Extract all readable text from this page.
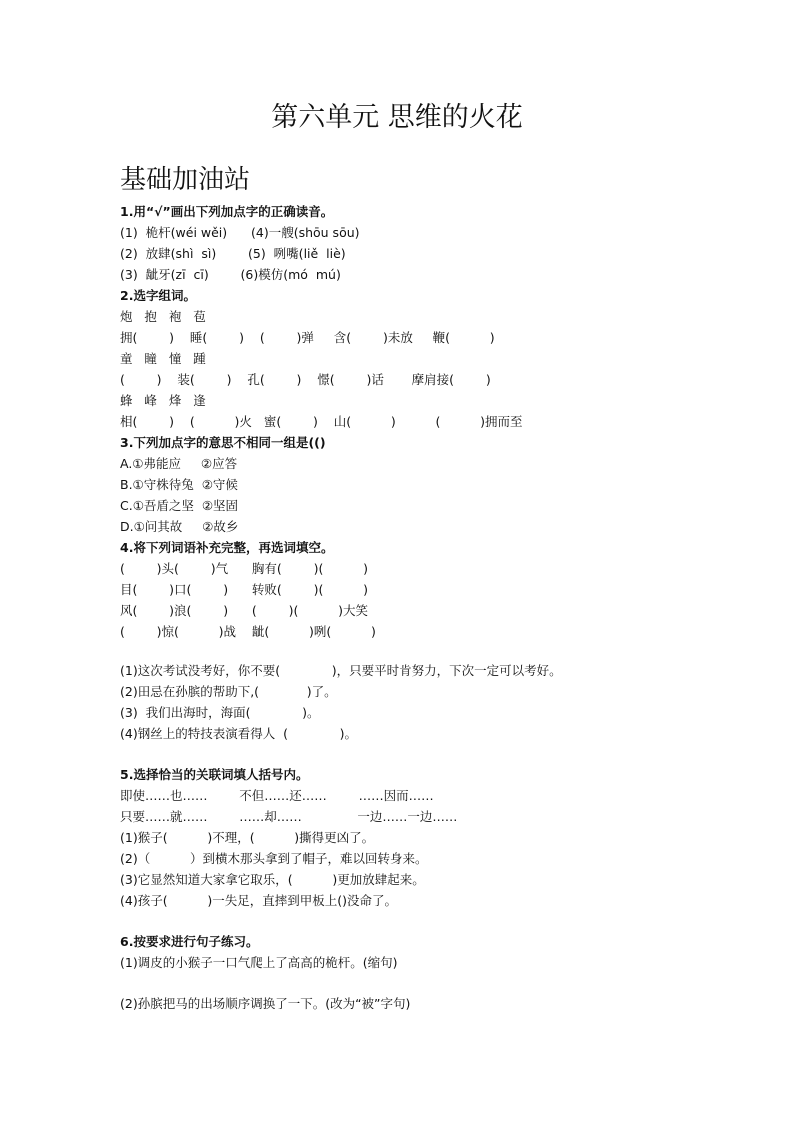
第六单元 思维的火花
基础加油站
1.用“√”画出下列加点字的正确读音。
(1)  桅杆(wéi wěi)      (4)一艘(shōu sōu)
(2)  放肆(shì  sì)        (5)  咧嘴(liě  liè)
(3)  龇牙(zī  cī)        (6)模仿(mó  mú)
2.选字组词。
炮   抱   袍   苞
拥(        )    睡(        )    (        )弹     含(        )未放     鞭(          )
童   瞳   憧   踵
(        )    装(        )    孔(        )    憬(        )话       摩肩接(        )
蜂   峰   烽   逢
相(        )    (          )火   蜜(        )    山(          )          (          )拥而至
3.下列加点字的意思不相同一组是(()
A.①弗能应     ②应答
B.①守株待兔  ②守候
C.①吾盾之坚  ②坚固
D.①问其故     ②故乡
4.将下列词语补充完整，再选词填空。
(        )头(        )气      胸有(        )(          )
目(        )口(        )      转败(        )(          )
风(        )浪(        )      (        )(          )大笑
(        )惊(          )战    龇(          )咧(          )
(1)这次考试没考好，你不要(             )，只要平时肯努力，下次一定可以考好。
(2)田忌在孙膑的帮助下,(            )了。
(3)  我们出海时，海面(             )。
(4)钢丝上的特技表演看得人  (             )。
5.选择恰当的关联词填人括号内。
即使……也……        不但……还……        ……因而……
只要……就……        ……却……              一边……一边……
(1)猴子(          )不理，(          )撕得更凶了。
(2)（          ）到横木那头拿到了帽子，难以回转身来。
(3)它显然知道大家拿它取乐，(          )更加放肆起来。
(4)孩子(          )一失足，直摔到甲板上()没命了。
6.按要求进行句子练习。
(1)调皮的小猴子一口气爬上了高高的桅杆。(缩句)
(2)孙膑把马的出场顺序调换了一下。(改为“被”字句)
